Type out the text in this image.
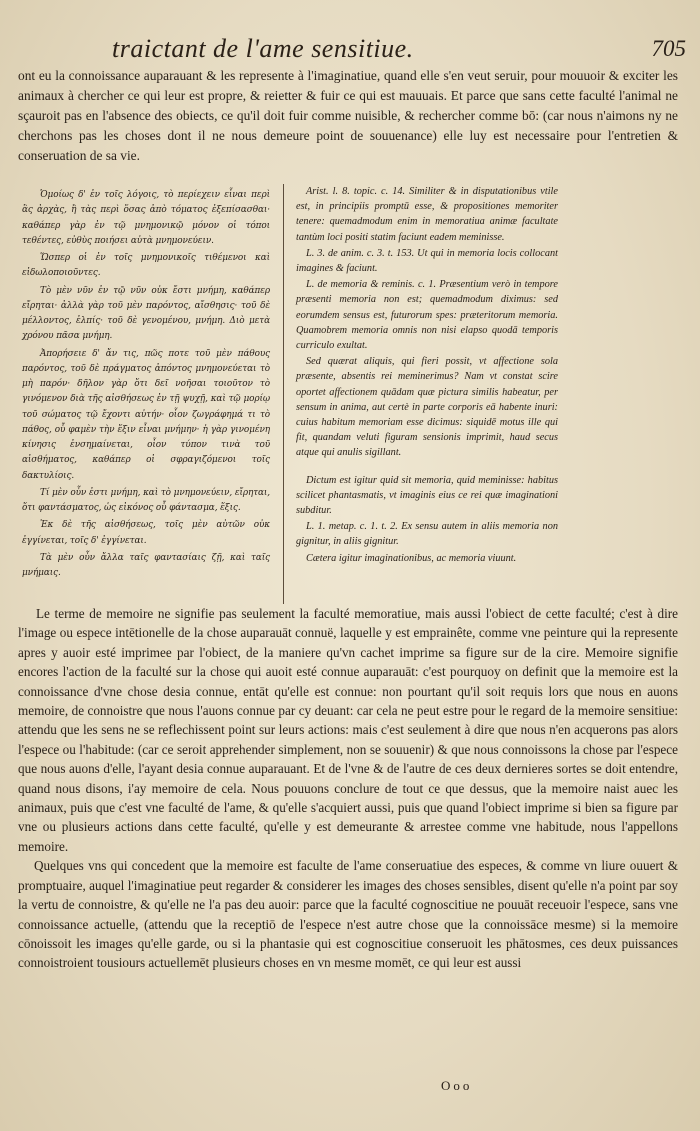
traictant de l'ame sensitiue.	705
ont eu la connoissance auparauant & les represente à l'imaginatiue, quand elle s'en veut seruir, pour mouuoir & exciter les animaux à chercher ce qui leur est propre, & reietter & fuir ce qui est mauuais. Et parce que sans cette faculté l'animal ne sçauroit pas en l'absence des obiects, ce qu'il doit fuir comme nuisible, & rechercher comme bō: (car nous n'aimons ny ne cherchons pas les choses dont il ne nous demeure point de souuenance) elle luy est necessaire pour l'entretien & conseruation de sa vie.

Ὁμοίως δ' ἐν τοῖς λόγοις, τὸ περίεχειν εἶναι περὶ ἃς ἀρχὰς, ἢ τὰς περὶ ὅσας ἀπὸ τόματος ἐξεπίσασθαι· καθάπερ γὰρ ἐν τῷ μνημονικῷ μόνον οἱ τόποι τεθέντες, εὐθὺς ποιήσει αὐτὰ μνημονεύειν.

Ὥσπερ οἱ ἐν τοῖς μνημονικοῖς τιθέμενοι καὶ εἰδωλοποιοῦντες.

Τὸ μὲν νῦν ἐν τῷ νῦν οὐκ ἔστι μνήμη, καθάπερ εἴρηται· ἀλλὰ γὰρ τοῦ μὲν παρόντος, αἴσθησις· τοῦ δὲ μέλλοντος, ἐλπίς· τοῦ δὲ γενομένου, μνήμη. Διὸ μετὰ χρόνου πᾶσα μνήμη.

Ἀπορήσειε δ' ἄν τις, πῶς ποτε τοῦ μὲν πάθους παρόντος, τοῦ δὲ πράγματος ἀπόντος μνημονεύεται τὸ μὴ παρόν· δῆλον γὰρ ὅτι δεῖ νοῆσαι τοιοῦτον τὸ γινόμενον διὰ τῆς αἰσθήσεως ἐν τῇ ψυχῇ, καὶ τῷ μορίῳ τοῦ σώματος τῷ ἔχοντι αὐτήν· οἷον ζωγράφημά τι τὸ πάθος, οὗ φαμὲν τὴν ἕξιν εἶναι μνήμην· ἡ γὰρ γινομένη κίνησις ἐνσημαίνεται, οἷον τύπον τινὰ τοῦ αἰσθήματος, καθάπερ οἱ σφραγιζόμενοι τοῖς δακτυλίοις.

Τί μὲν οὖν ἐστι μνήμη, καὶ τὸ μνημονεύειν, εἴρηται, ὅτι φαντάσματος, ὡς εἰκόνος οὗ φάντασμα, ἕξις.

Ἐκ δὲ τῆς αἰσθήσεως, τοῖς μὲν αὐτῶν οὐκ ἐγγίνεται, τοῖς δ' ἐγγίνεται.

Τὰ μὲν οὖν ἄλλα ταῖς φαντασίαις ζῇ, καὶ ταῖς μνήμαις.

Arist. l. 8. topic. c. 14. Similiter & in disputationibus vtile est, in principiis promptū esse, & propositiones memoriter tenere: quemadmodum enim in memoratiua animæ facultate tantùm loci positi statim faciunt eadem meminisse.

L. 3. de anim. c. 3. t. 153. Ut qui in memoria locis collocant imagines & faciunt.

L. de memoria & reminis. c. 1. Præsentium verò in tempore præsenti memoria non est; quemadmodum diximus: sed eorumdem sensus est, futurorum spes: præteritorum memoria. Quamobrem memoria omnis non nisi elapso quodā temporis curriculo exultat.

Sed quærat aliquis, qui fieri possit, vt affectione sola præsente, absentis rei meminerimus? Nam vt constat scire oportet affectionem quādam quæ pictura similis habeatur, per sensum in anima, aut certè in parte corporis eā habente inuri: cuius habitum memoriam esse dicimus: siquidē motus ille qui fit, quandam veluti figuram sensionis imprimit, haud secus atque qui anulis sigillant.

Dictum est igitur quid sit memoria, quid meminisse: habitus scilicet phantasmatis, vt imaginis eius ce rei quæ imaginationi subditur.

L. 1. metap. c. 1. t. 2. Ex sensu autem in aliis memoria non gignitur, in aliis gignitur.

Cætera igitur imaginationibus, ac memoria viuunt.

Le terme de memoire ne signifie pas seulement la faculté memoratiue, mais aussi l'obiect de cette faculté; c'est à dire l'image ou espece intētionelle de la chose auparauāt connuë, laquelle y est emprainête, comme vne peinture qui la represente apres y auoir esté imprimee par l'obiect, de la maniere qu'vn cachet imprime sa figure sur de la cire. Memoire signifie encores l'action de la faculté sur la chose qui auoit esté connue auparauāt: c'est pourquoy on definit que la memoire est la connoissance d'vne chose desia connue, entāt qu'elle est connue: non pourtant qu'il soit requis lors que nous en auons memoire, de connoistre que nous l'auons connue par cy deuant: car cela ne peut estre pour le regard de la memoire sensitiue: attendu que les sens ne se reflechissent point sur leurs actions: mais c'est seulement à dire que nous n'en acquerons pas alors l'espece ou l'habitude: (car ce seroit apprehender simplement, non se souuenir) & que nous connoissons la chose par l'espece que nous auons d'elle, l'ayant desia connue auparauant. Et de l'vne & de l'autre de ces deux dernieres sortes se doit entendre, quand nous disons, i'ay memoire de cela. Nous pouuons conclure de tout ce que dessus, que la memoire naist auec les animaux, puis que c'est vne faculté de l'ame, & qu'elle s'acquiert aussi, puis que quand l'obiect imprime si bien sa figure par vne ou plusieurs actions dans cette faculté, qu'elle y est demeurante & arrestee comme vne habitude, nous l'appellons memoire.

Quelques vns qui concedent que la memoire est faculte de l'ame conseruatiue des especes, & comme vn liure ouuert & promptuaire, auquel l'imaginatiue peut regarder & considerer les images des choses sensibles, disent qu'elle n'a point par soy la vertu de connoistre, & qu'elle ne l'a pas deu auoir: parce que la faculté cognoscitiue ne pouuāt receuoir l'espece, sans vne connoissance actuelle, (attendu que la receptiō de l'espece n'est autre chose que la connoissāce mesme) si la memoire cōnoissoit les images qu'elle garde, ou si la phantasie qui est cognoscitiue conseruoit les phātosmes, ces deux puissances connoistroient tousiours actuellemēt plusieurs choses en vn mesme momēt, ce qui leur est aussi

Ooo
